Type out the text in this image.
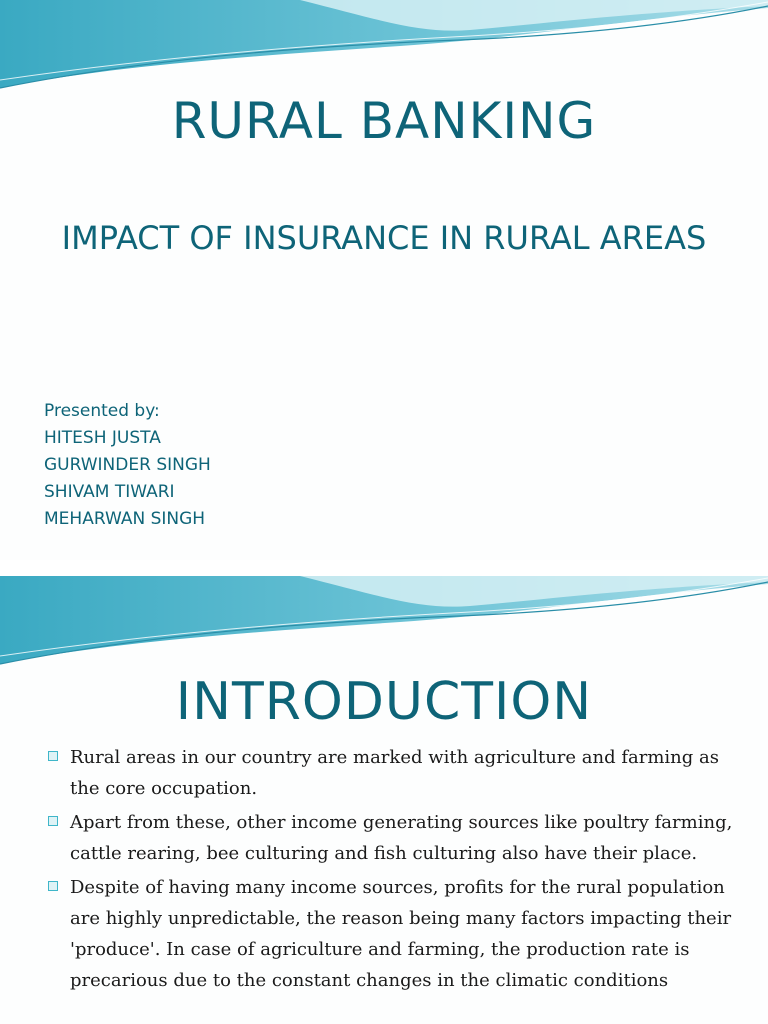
RURAL BANKING
IMPACT OF INSURANCE IN RURAL AREAS
Presented by:
HITESH JUSTA
GURWINDER SINGH
SHIVAM TIWARI
MEHARWAN SINGH
INTRODUCTION
Rural areas in our country are marked with agriculture and farming as the core occupation.
Apart from these, other income generating sources like poultry farming, cattle rearing, bee culturing and fish culturing also have their place.
Despite of having many income sources, profits for the rural population are highly unpredictable, the reason being many factors impacting their 'produce'. In case of agriculture and farming, the production rate is precarious due to the constant changes in the climatic conditions
